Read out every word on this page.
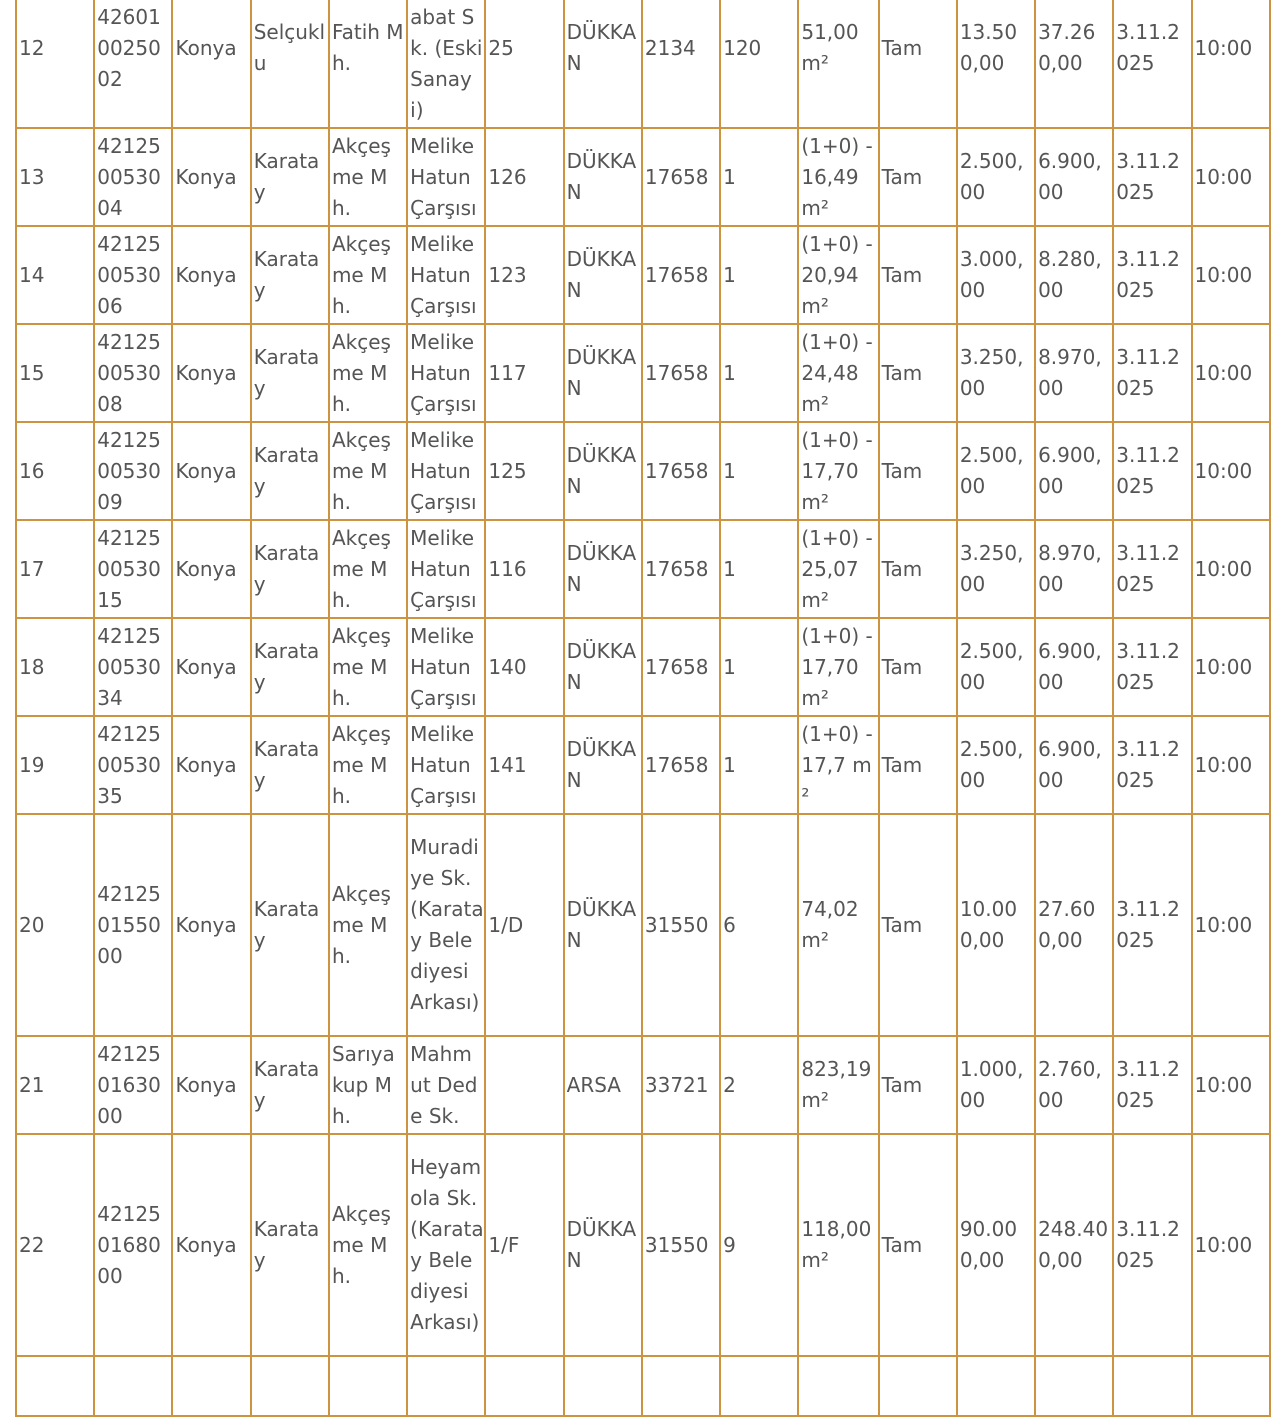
12	426010025002	Konya	Selçuklu	Fatih Mh.	abat Sk. (Eski Sanayi)	25	DÜKKAN	2134	120	51,00 m²	Tam	13.500,00	37.260,00	3.11.2025	10:00
13	421250053004	Konya	Karatay	Akçeşme Mh.	Melike Hatun Çarşısı	126	DÜKKAN	17658	1	(1+0) - 16,49 m²	Tam	2.500,00	6.900,00	3.11.2025	10:00
14	421250053006	Konya	Karatay	Akçeşme Mh.	Melike Hatun Çarşısı	123	DÜKKAN	17658	1	(1+0) - 20,94 m²	Tam	3.000,00	8.280,00	3.11.2025	10:00
15	421250053008	Konya	Karatay	Akçeşme Mh.	Melike Hatun Çarşısı	117	DÜKKAN	17658	1	(1+0) - 24,48 m²	Tam	3.250,00	8.970,00	3.11.2025	10:00
16	421250053009	Konya	Karatay	Akçeşme Mh.	Melike Hatun Çarşısı	125	DÜKKAN	17658	1	(1+0) - 17,70 m²	Tam	2.500,00	6.900,00	3.11.2025	10:00
17	421250053015	Konya	Karatay	Akçeşme Mh.	Melike Hatun Çarşısı	116	DÜKKAN	17658	1	(1+0) - 25,07 m²	Tam	3.250,00	8.970,00	3.11.2025	10:00
18	421250053034	Konya	Karatay	Akçeşme Mh.	Melike Hatun Çarşısı	140	DÜKKAN	17658	1	(1+0) - 17,70 m²	Tam	2.500,00	6.900,00	3.11.2025	10:00
19	421250053035	Konya	Karatay	Akçeşme Mh.	Melike Hatun Çarşısı	141	DÜKKAN	17658	1	(1+0) - 17,7 m²	Tam	2.500,00	6.900,00	3.11.2025	10:00
20	421250155000	Konya	Karatay	Akçeşme Mh.	Muradiye Sk. (Karatay Belediyesi Arkası)	1/D	DÜKKAN	31550	6	74,02 m²	Tam	10.000,00	27.600,00	3.11.2025	10:00
21	421250163000	Konya	Karatay	Sarıyakup Mh.	Mahmut Dede Sk.		ARSA	33721	2	823,19 m²	Tam	1.000,00	2.760,00	3.11.2025	10:00
22	421250168000	Konya	Karatay	Akçeşme Mh.	Heyamola Sk. (Karatay Belediyesi Arkası)	1/F	DÜKKAN	31550	9	118,00 m²	Tam	90.000,00	248.400,00	3.11.2025	10:00
